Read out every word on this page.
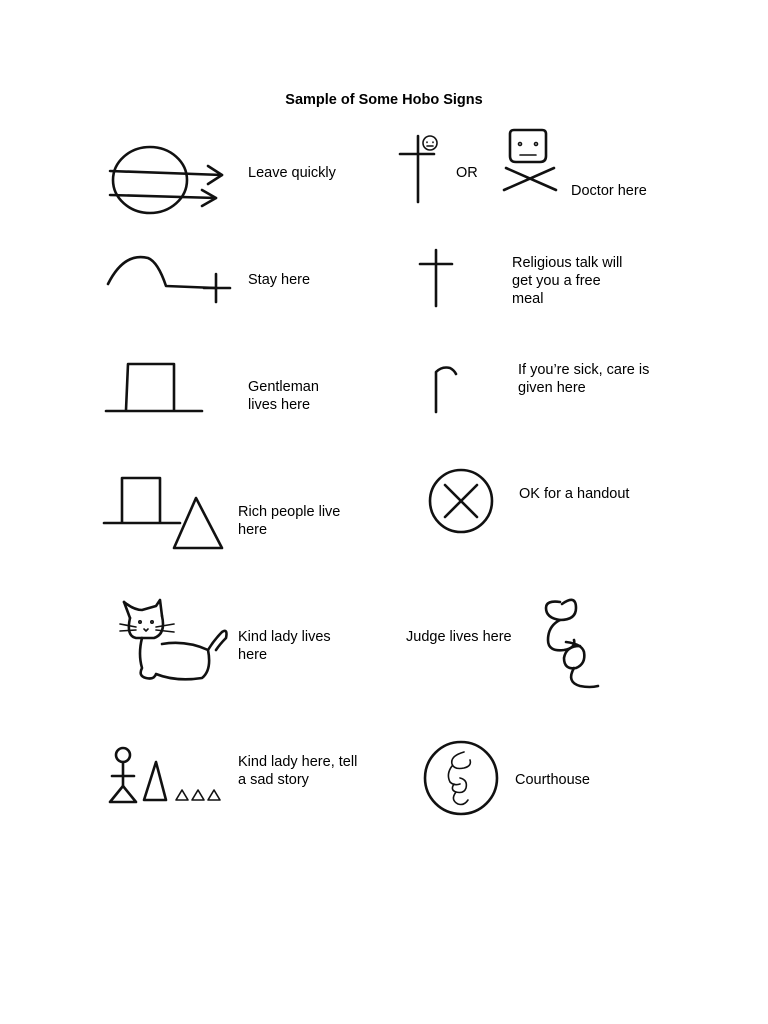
Sample of Some Hobo Signs

Leave quickly	OR

Doctor here

Stay here

Religious talk will
get you a free
meal

Gentleman
lives here

If you’re sick, care is
given here

Rich people live
here

OK for a handout

Kind lady lives
here

Judge lives here

Kind lady here, tell
a sad story	Courthouse
